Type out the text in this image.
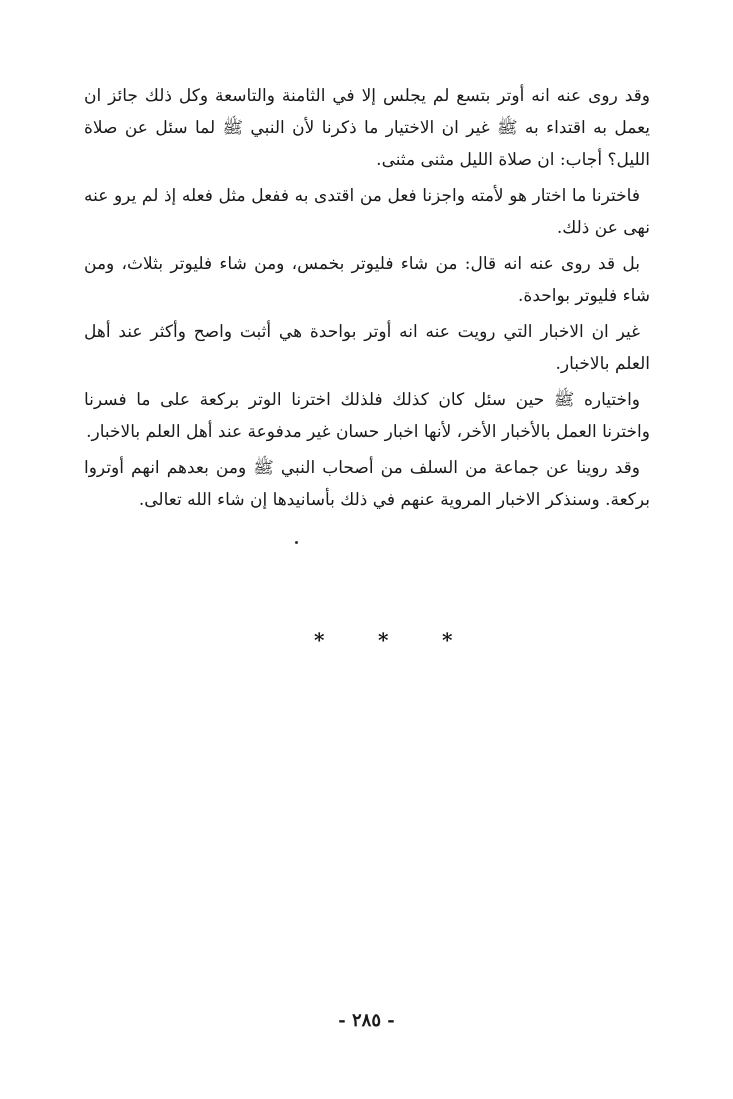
وقد روى عنه انه أوتر بتسع لم يجلس إلا في الثامنة والتاسعة وكل ذلك جائز ان يعمل به اقتداء به ﷺ غير ان الاختيار ما ذكرنا لأن النبي ﷺ لما سئل عن صلاة الليل؟ أجاب: ان صلاة الليل مثنى مثنى.

فاخترنا ما اختار هو لأمته واجزنا فعل من اقتدى به ففعل مثل فعله إذ لم يرو عنه نهى عن ذلك.

بل قد روى عنه انه قال: من شاء فليوتر بخمس، ومن شاء فليوتر بثلاث، ومن شاء فليوتر بواحدة.

غير ان الاخبار التي رويت عنه انه أوتر بواحدة هي أثبت واصح وأكثر عند أهل العلم بالاخبار.

واختياره ﷺ حين سئل كان كذلك فلذلك اخترنا الوتر بركعة على ما فسرنا واخترنا العمل بالأخبار الأخر، لأنها اخبار حسان غير مدفوعة عند أهل العلم بالاخبار.

وقد روينا عن جماعة من السلف من أصحاب النبي ﷺ ومن بعدهم انهم أوتروا بركعة. وسنذكر الاخبار المروية عنهم في ذلك بأسانيدها إن شاء الله تعالى.

*	*	*
- ٢٨٥ -
